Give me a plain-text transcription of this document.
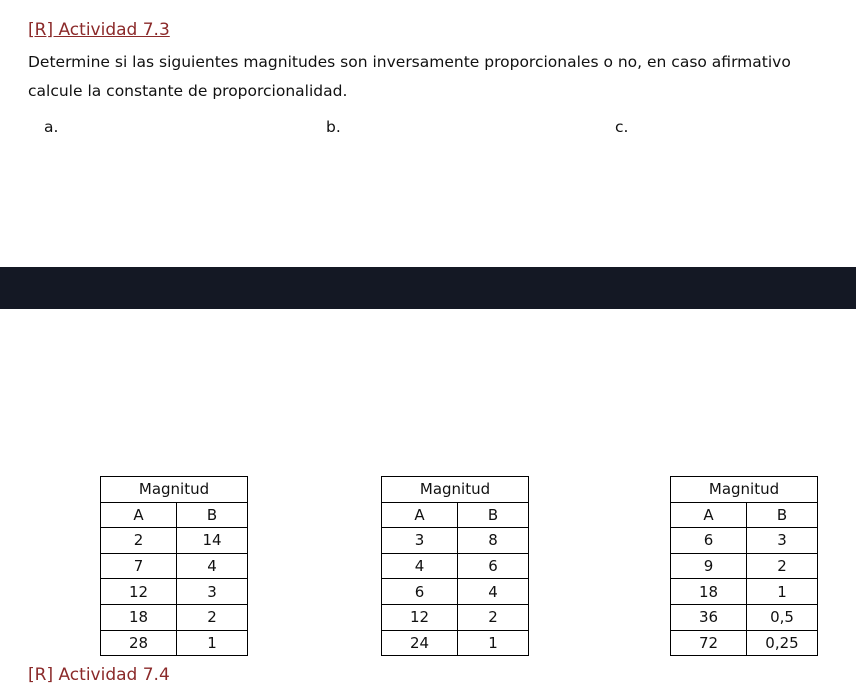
[R] Actividad 7.3
Determine si las siguientes magnitudes son inversamente proporcionales o no, en caso afirmativo
calcule la constante de proporcionalidad.
a.	b.	c.
Magnitud	
A	B
2	14
7	4
12	3
18	2
28	1
Magnitud	
A	B
3	8
4	6
6	4
12	2
24	1
Magnitud	
A	B
6	3
9	2
18	1
36	0,5
72	0,25
[R] Actividad 7.4
